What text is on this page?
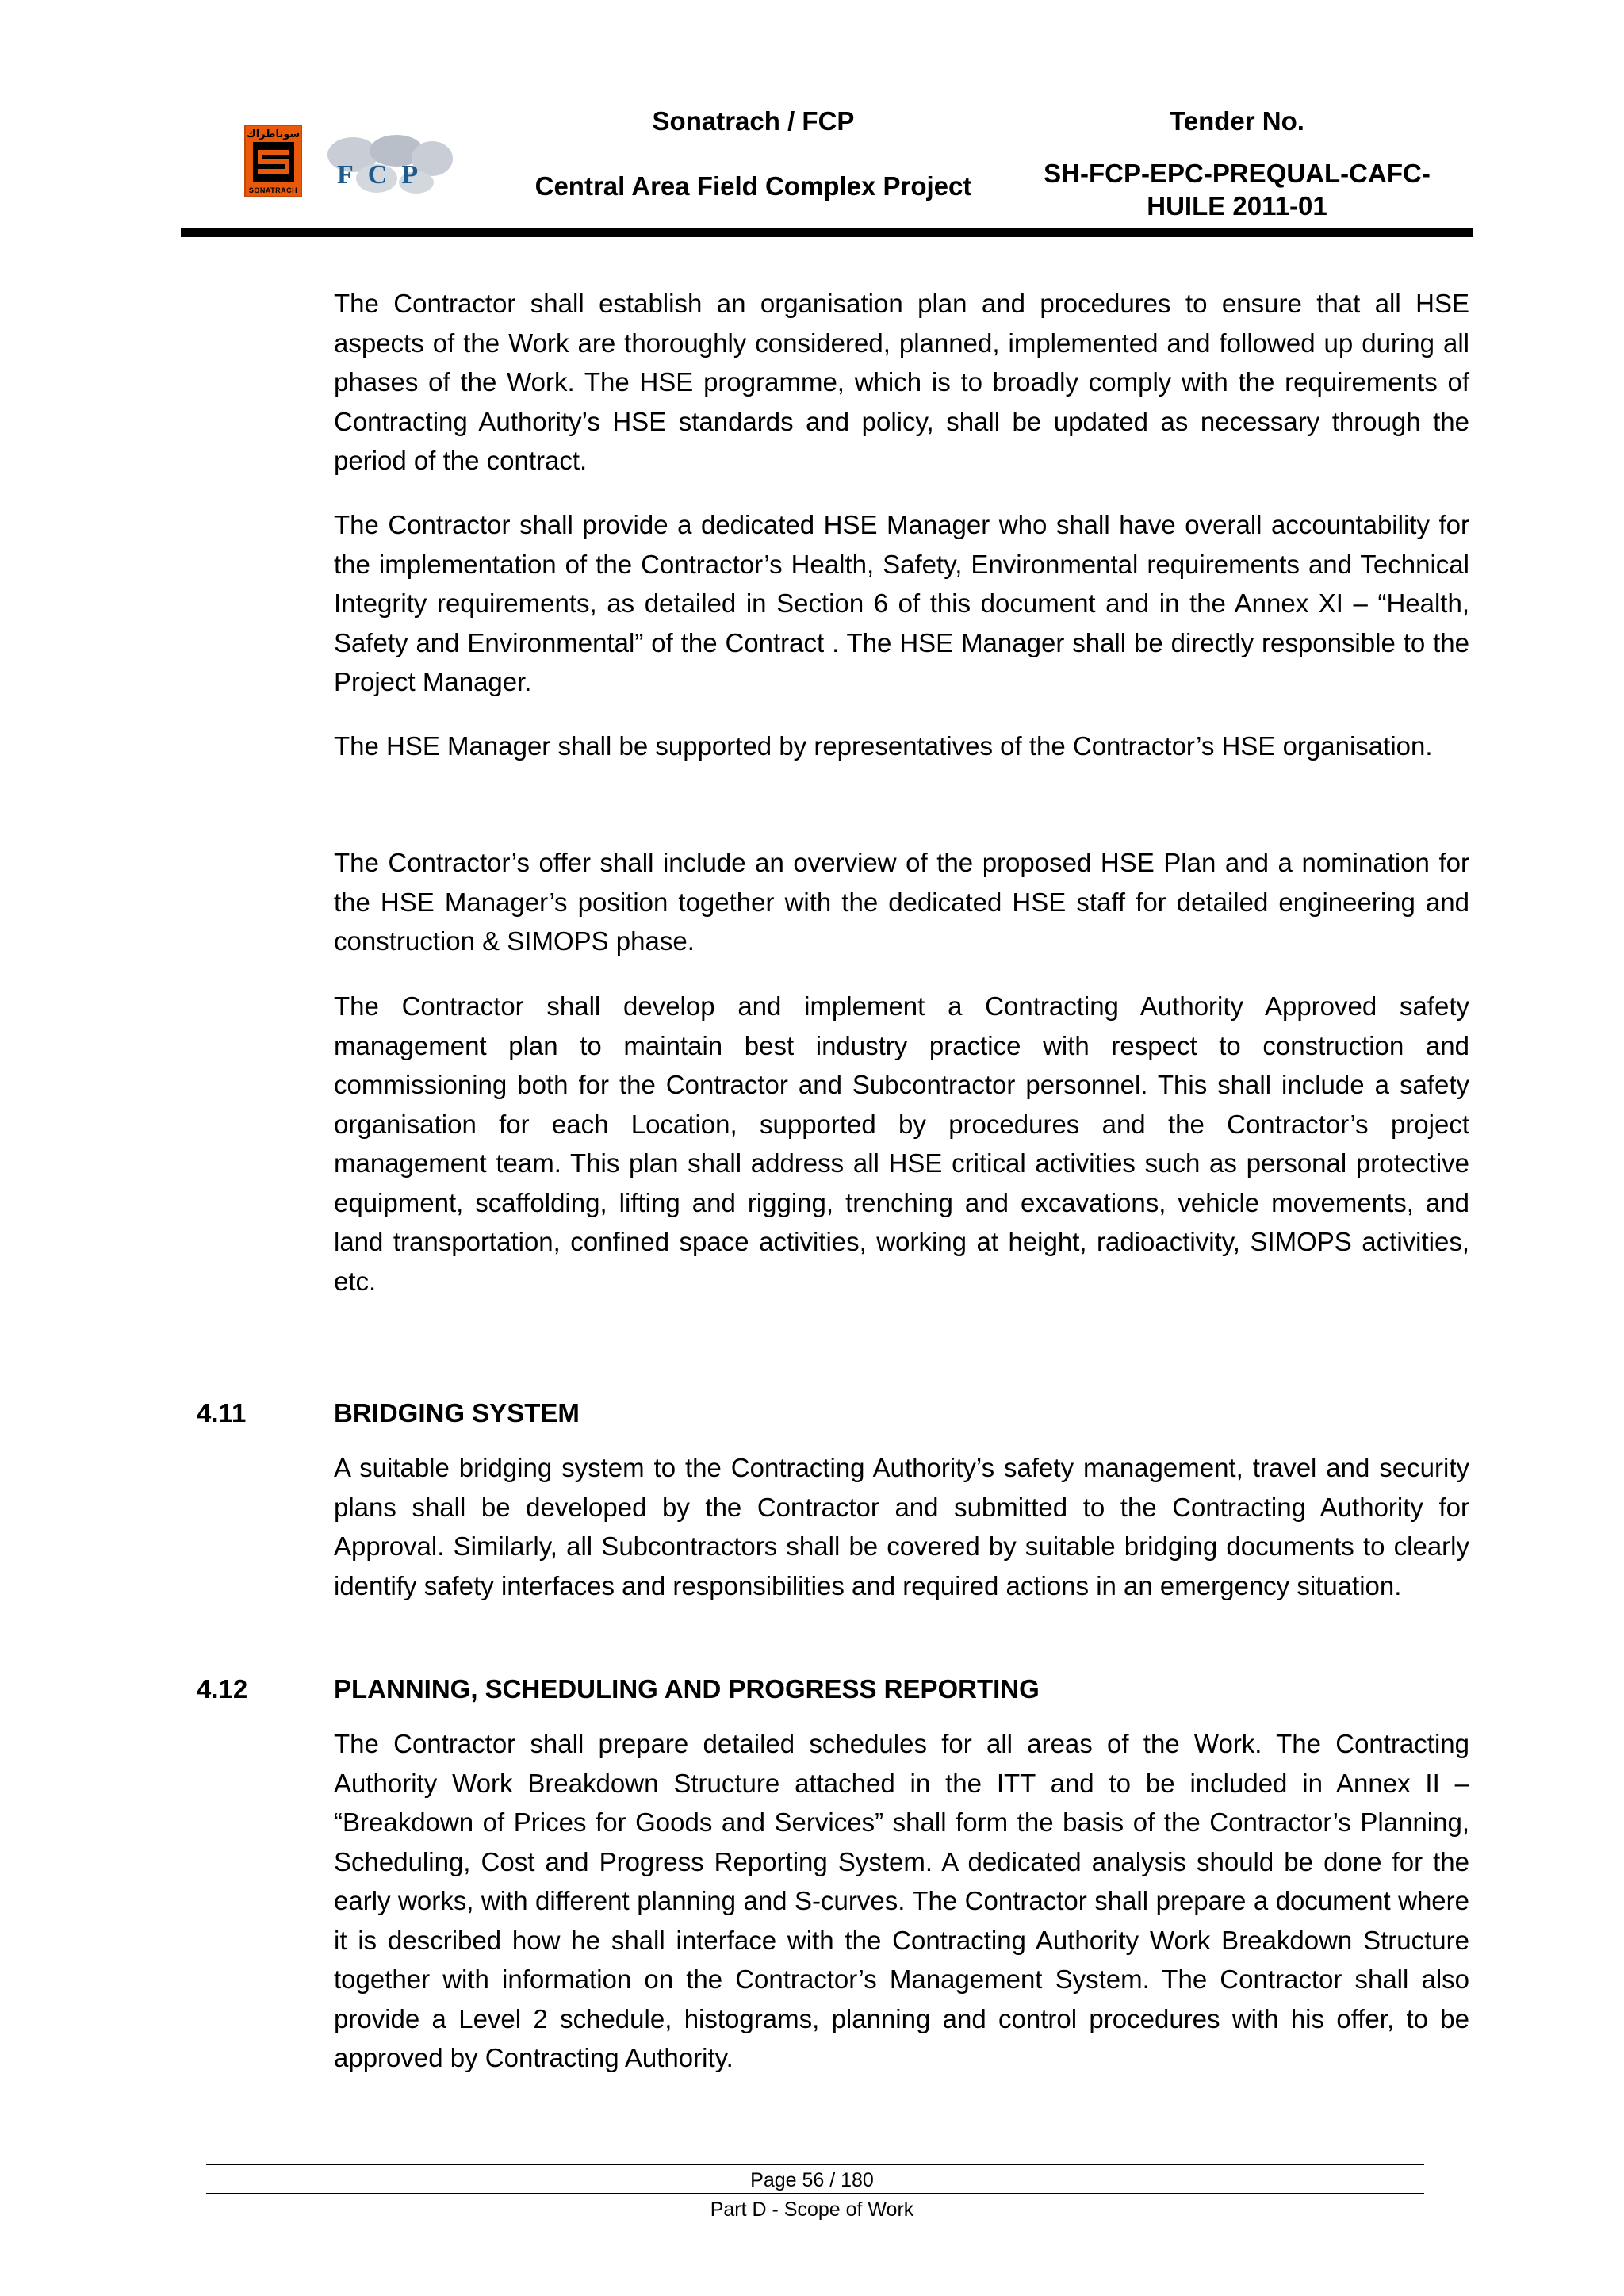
سوناطراك
SONATRACH
FCP
Sonatrach / FCP
Central Area Field Complex Project
Tender No.
SH-FCP-EPC-PREQUAL-CAFC-HUILE 2011-01

The Contractor shall establish an organisation plan and procedures to ensure that all HSE aspects of the Work are thoroughly considered, planned, implemented and followed up during all phases of the Work. The HSE programme, which is to broadly comply with the requirements of Contracting Authority’s HSE standards and policy, shall be updated as necessary through the period of the contract.

The Contractor shall provide a dedicated HSE Manager who shall have overall accountability for the implementation of the Contractor’s Health, Safety, Environmental requirements and Technical Integrity requirements, as detailed in Section 6 of this document and in the Annex XI – “Health, Safety and Environmental” of the Contract . The HSE Manager shall be directly responsible to the Project Manager.

The HSE Manager shall be supported by representatives of the Contractor’s HSE organisation.

The Contractor’s offer shall include an overview of the proposed HSE Plan and a nomination for the HSE Manager’s position together with the dedicated HSE staff for detailed engineering and construction & SIMOPS phase.

The Contractor shall develop and implement a Contracting Authority Approved safety management plan to maintain best industry practice with respect to construction and commissioning both for the Contractor and Subcontractor personnel. This shall include a safety organisation for each Location, supported by procedures and the Contractor’s project management team. This plan shall address all HSE critical activities such as personal protective equipment, scaffolding, lifting and rigging, trenching and excavations, vehicle movements, and land transportation, confined space activities, working at height, radioactivity, SIMOPS activities, etc.

4.11	BRIDGING SYSTEM

A suitable bridging system to the Contracting Authority’s safety management, travel and security plans shall be developed by the Contractor and submitted to the Contracting Authority for Approval. Similarly, all Subcontractors shall be covered by suitable bridging documents to clearly identify safety interfaces and responsibilities and required actions in an emergency situation.

4.12	PLANNING, SCHEDULING AND PROGRESS REPORTING

The Contractor shall prepare detailed schedules for all areas of the Work. The Contracting Authority Work Breakdown Structure attached in the ITT and to be included in Annex II – “Breakdown of Prices for Goods and Services” shall form the basis of the Contractor’s Planning, Scheduling, Cost and Progress Reporting System. A dedicated analysis should be done for the early works, with different planning and S-curves. The Contractor shall prepare a document where it is described how he shall interface with the Contracting Authority Work Breakdown Structure together with information on the Contractor’s Management System. The Contractor shall also provide a Level 2 schedule, histograms, planning and control procedures with his offer, to be approved by Contracting Authority.

Page 56 / 180
Part D - Scope of Work
